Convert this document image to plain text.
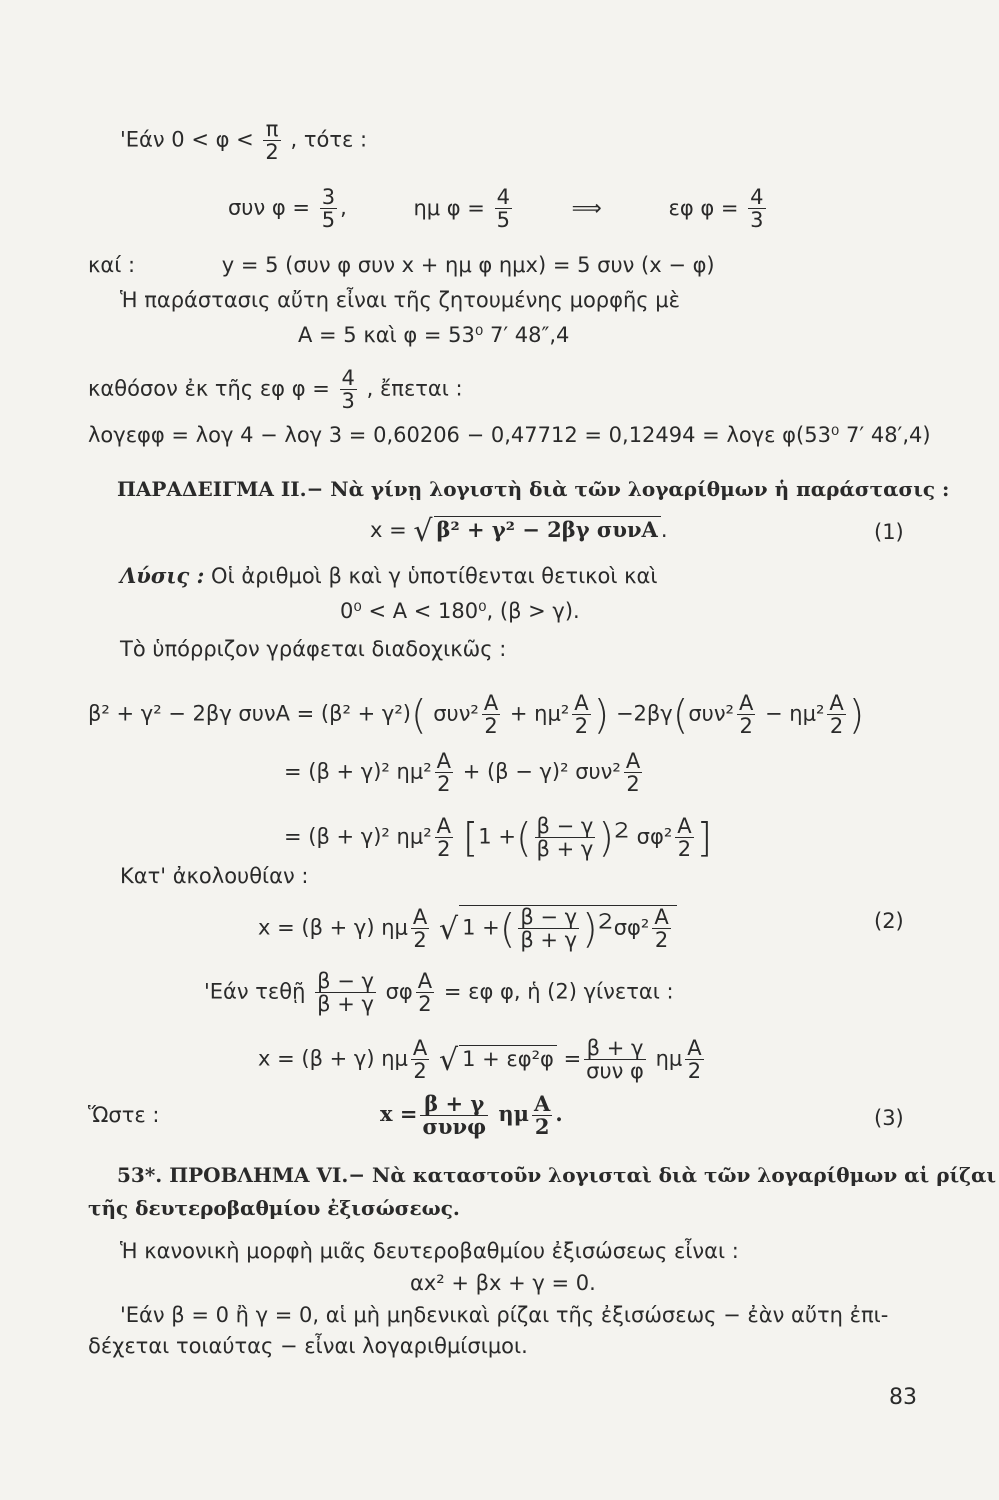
'Εάν $0 < \varphi < \frac{\pi}{2}$ , τότε :
συν $\varphi = \frac{3}{5}$ ,	ημ $\varphi = \frac{4}{5}$	⟹	εφ $\varphi = \frac{4}{3}$
καί :	y = 5 (συν φ συν x + ημ φ ημx) = 5 συν (x − φ)
Ἡ παράστασις αὔτη εἶναι τῆς ζητουμένης μορφῆς μὲ
A = 5 καὶ φ = 53⁰ 7′ 48″,4
καθόσον ἐκ τῆς εφ $\varphi = \frac{4}{3}$ , ἔπεται :
λογεφφ = λογ 4 − λογ 3 = 0,60206 − 0,47712 = 0,12494 = λογε φ(53⁰ 7′ 48′,4)
ΠΑΡΑΔΕΙΓΜΑ ΙΙ.− Νὰ γίνῃ λογιστὴ διὰ τῶν λογαρίθμων ἡ παράστασις :
x = √ β² + γ² − 2βγ συνΑ .	(1)
Λύσις : Οἱ ἀριθμοὶ β καὶ γ ὑποτίθενται θετικοὶ καὶ
0⁰ < A < 180⁰, (β > γ).
Τὸ ὑπόρριζον γράφεται διαδοχικῶς :
β² + γ² − 2βγ συνΑ = (β² + γ²)( $\sigma\upsilon\nu^2 \frac{A}{2} + \eta\mu^2 \frac{A}{2}$ ) $-2\beta\gamma(\sigma\upsilon\nu^2 \frac{A}{2} - \eta\mu^2 \frac{A}{2}$ )
= (β + γ)² $\eta\mu^2 \frac{A}{2} + (\beta - \gamma)^2$ $\sigma\upsilon\nu^2 \frac{A}{2}$
= (β + γ)² $\eta\mu^2 \frac{A}{2} [1$ +( $\frac{\beta - \gamma}{\beta + \gamma} )^2$ $\sigma\varphi^2 \frac{A}{2}$ ]
Κατ' ἀκολουθίαν :
x = (β + γ) ημ $\frac{A}{2}$ √ 1 +( $\frac{\beta - \gamma}{\beta + \gamma} )^2\sigma\varphi^2 \frac{A}{2}$	(2)
'Εάν τεθῇ $\frac{\beta - \gamma}{\beta + \gamma}$ σφ $\frac{A}{2} = \varepsilon\varphi$ φ, ἡ (2) γίνεται :
x = (β + γ) ημ $\frac{A}{2}$ √ 1 + εφ²φ = β + γ
συν φ
ημ $\frac{A}{2}$
Ὥστε :	x = β + γ
συνφ
ημ $\frac{A}{2}$ .	(3)
53*. ΠΡΟΒΛΗΜΑ VI.− Νὰ καταστοῦν λογισταὶ διὰ τῶν λογαρίθμων αἱ ρίζαι
τῆς δευτεροβαθμίου ἐξισώσεως.
Ἡ κανονικὴ μορφὴ μιᾶς δευτεροβαθμίου ἐξισώσεως εἶναι :
αx² + βx + γ = 0.
'Εάν β = 0 ἢ γ = 0, αἱ μὴ μηδενικαὶ ρίζαι τῆς ἐξισώσεως − ἐὰν αὔτη ἐπι-
δέχεται τοιαύτας − εἶναι λογαριθμίσιμοι.
83
